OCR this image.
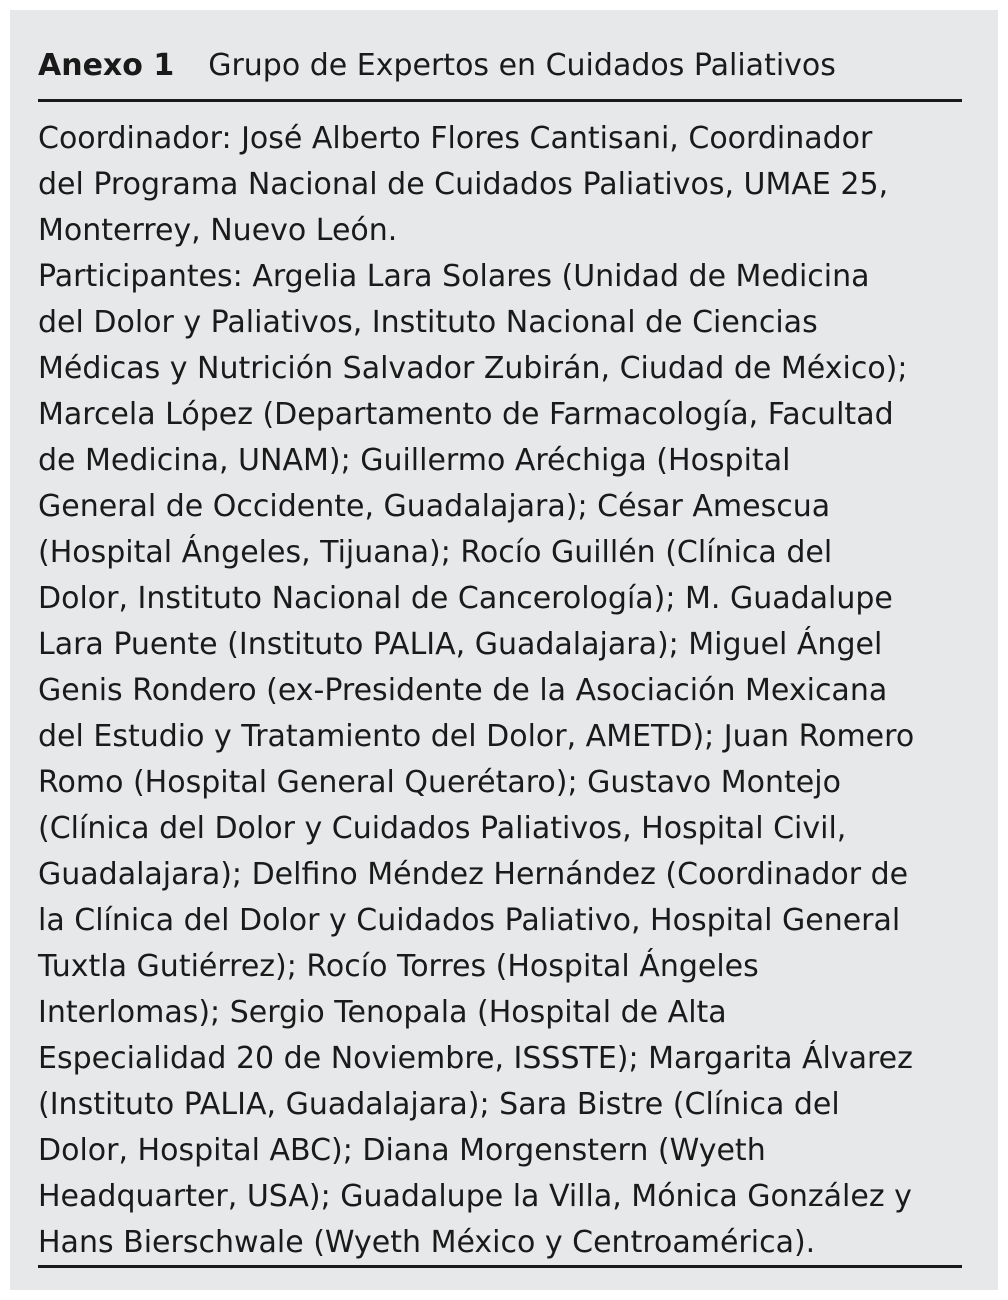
Anexo 1 Grupo de Expertos en Cuidados Paliativos
Coordinador: José Alberto Flores Cantisani, Coordinador
del Programa Nacional de Cuidados Paliativos, UMAE 25,
Monterrey, Nuevo León.
Participantes: Argelia Lara Solares (Unidad de Medicina
del Dolor y Paliativos, Instituto Nacional de Ciencias
Médicas y Nutrición Salvador Zubirán, Ciudad de México);
Marcela López (Departamento de Farmacología, Facultad
de Medicina, UNAM); Guillermo Aréchiga (Hospital
General de Occidente, Guadalajara); César Amescua
(Hospital Ángeles, Tijuana); Rocío Guillén (Clínica del
Dolor, Instituto Nacional de Cancerología); M. Guadalupe
Lara Puente (Instituto PALIA, Guadalajara); Miguel Ángel
Genis Rondero (ex-Presidente de la Asociación Mexicana
del Estudio y Tratamiento del Dolor, AMETD); Juan Romero
Romo (Hospital General Querétaro); Gustavo Montejo
(Clínica del Dolor y Cuidados Paliativos, Hospital Civil,
Guadalajara); Delfino Méndez Hernández (Coordinador de
la Clínica del Dolor y Cuidados Paliativo, Hospital General
Tuxtla Gutiérrez); Rocío Torres (Hospital Ángeles
Interlomas); Sergio Tenopala (Hospital de Alta
Especialidad 20 de Noviembre, ISSSTE); Margarita Álvarez
(Instituto PALIA, Guadalajara); Sara Bistre (Clínica del
Dolor, Hospital ABC); Diana Morgenstern (Wyeth
Headquarter, USA); Guadalupe la Villa, Mónica González y
Hans Bierschwale (Wyeth México y Centroamérica).
